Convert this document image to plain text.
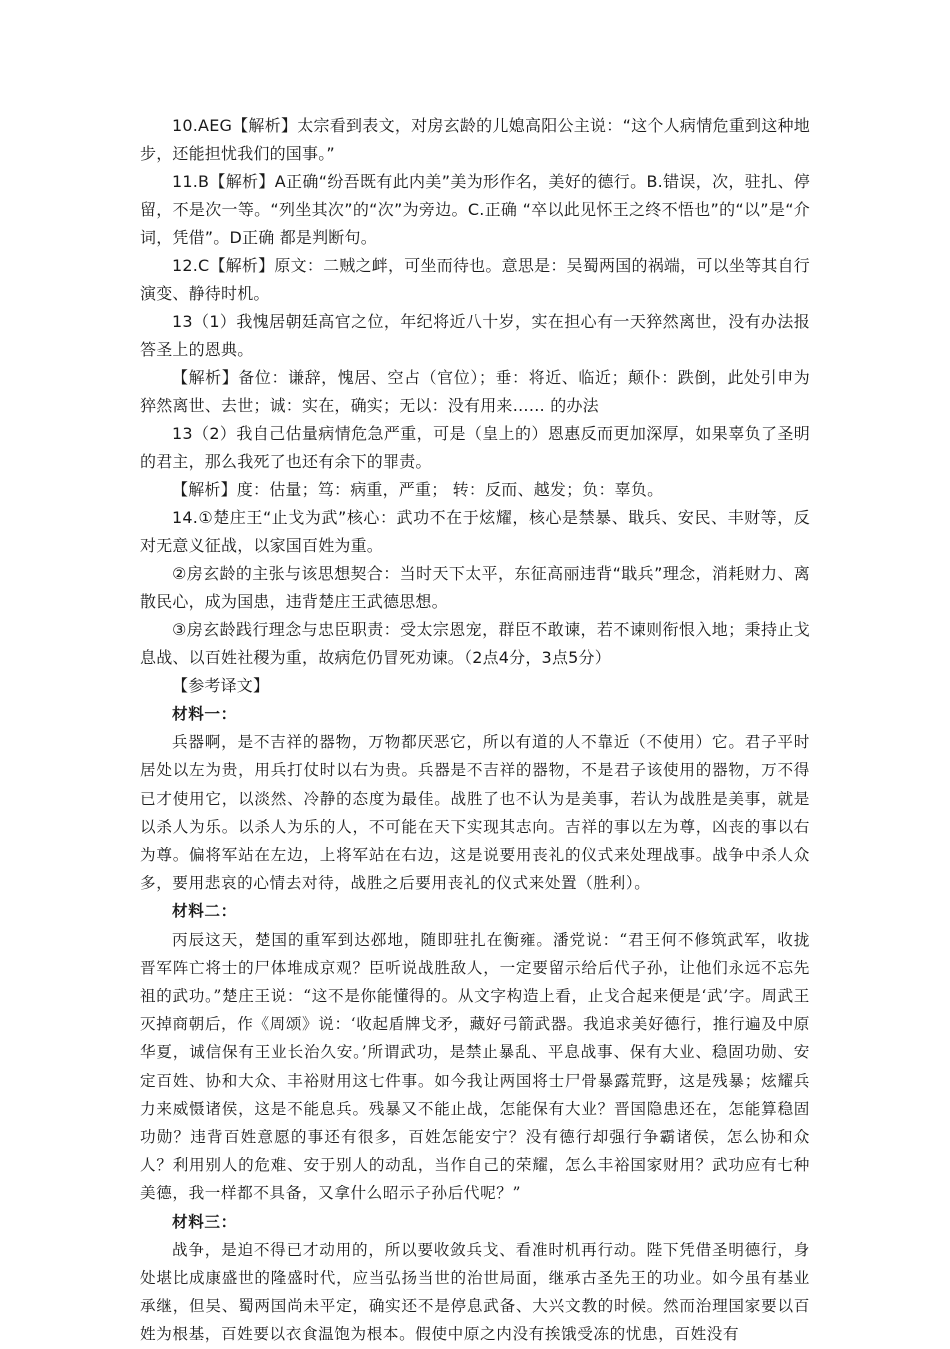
10.AEG【解析】太宗看到表文，对房玄龄的儿媳高阳公主说：“这个人病情危重到这种地步，还能担忧我们的国事。”

11.B【解析】A正确“纷吾既有此内美”美为形作名，美好的德行。B.错误，次，驻扎、停留，不是次一等。“列坐其次”的“次”为旁边。C.正确 “卒以此见怀王之终不悟也”的“以”是“介词，凭借”。D正确 都是判断句。

12.C【解析】原文：二贼之衅，可坐而待也。意思是：吴蜀两国的祸端，可以坐等其自行演变、静待时机。

13（1）我愧居朝廷高官之位，年纪将近八十岁，实在担心有一天猝然离世，没有办法报答圣上的恩典。

【解析】备位：谦辞，愧居、空占（官位）；垂：将近、临近；颠仆：跌倒，此处引申为猝然离世、去世；诚：实在，确实；无以：没有用来…… 的办法

13（2）我自己估量病情危急严重，可是（皇上的）恩惠反而更加深厚，如果辜负了圣明的君主，那么我死了也还有余下的罪责。

【解析】度：估量；笃：病重，严重； 转：反而、越发；负：辜负。

14.①楚庄王“止戈为武”核心：武功不在于炫耀，核心是禁暴、戢兵、安民、丰财等，反对无意义征战，以家国百姓为重。

②房玄龄的主张与该思想契合：当时天下太平，东征高丽违背“戢兵”理念，消耗财力、离散民心，成为国患，违背楚庄王武德思想。

③房玄龄践行理念与忠臣职责：受太宗恩宠，群臣不敢谏，若不谏则衔恨入地；秉持止戈息战、以百姓社稷为重，故病危仍冒死劝谏。（2点4分，3点5分）

【参考译文】

材料一：

兵器啊，是不吉祥的器物，万物都厌恶它，所以有道的人不靠近（不使用）它。君子平时居处以左为贵，用兵打仗时以右为贵。兵器是不吉祥的器物，不是君子该使用的器物，万不得已才使用它，以淡然、冷静的态度为最佳。战胜了也不认为是美事，若认为战胜是美事，就是以杀人为乐。以杀人为乐的人，不可能在天下实现其志向。吉祥的事以左为尊，凶丧的事以右为尊。偏将军站在左边，上将军站在右边，这是说要用丧礼的仪式来处理战事。战争中杀人众多，要用悲哀的心情去对待，战胜之后要用丧礼的仪式来处置（胜利）。

材料二：

丙辰这天，楚国的重军到达邲地，随即驻扎在衡雍。潘党说：“君王何不修筑武军，收拢晋军阵亡将士的尸体堆成京观？臣听说战胜敌人，一定要留示给后代子孙，让他们永远不忘先祖的武功。”楚庄王说：“这不是你能懂得的。从文字构造上看，止戈合起来便是‘武’字。周武王灭掉商朝后，作《周颂》说：‘收起盾牌戈矛，藏好弓箭武器。我追求美好德行，推行遍及中原华夏，诚信保有王业长治久安。’所谓武功，是禁止暴乱、平息战事、保有大业、稳固功勋、安定百姓、协和大众、丰裕财用这七件事。如今我让两国将士尸骨暴露荒野，这是残暴；炫耀兵力来威慑诸侯，这是不能息兵。残暴又不能止战，怎能保有大业？晋国隐患还在，怎能算稳固功勋？违背百姓意愿的事还有很多，百姓怎能安宁？没有德行却强行争霸诸侯，怎么协和众人？利用别人的危难、安于别人的动乱，当作自己的荣耀，怎么丰裕国家财用？武功应有七种美德，我一样都不具备，又拿什么昭示子孙后代呢？”

材料三：

战争，是迫不得已才动用的，所以要收敛兵戈、看准时机再行动。陛下凭借圣明德行，身处堪比成康盛世的隆盛时代，应当弘扬当世的治世局面，继承古圣先王的功业。如今虽有基业承继，但吴、蜀两国尚未平定，确实还不是停息武备、大兴文教的时候。然而治理国家要以百姓为根基，百姓要以衣食温饱为根本。假使中原之内没有挨饿受冻的忧患，百姓没有
